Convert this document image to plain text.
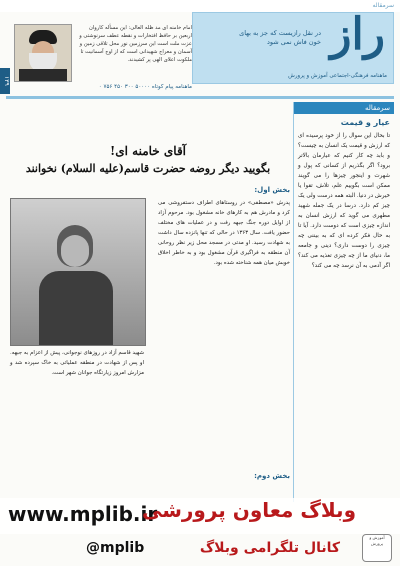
سرمقاله
راز
در نقل رازیست که جز به بهای خون فاش نمی شود
ماهنامه فرهنگی-اجتماعی آموزش و پرورش
امام خامنه ای مد ظله العالی: این مسأله کاروان اربعین بر حافظ افتخارات و نقطه عطف سرنوشتی و عزت ملت است این سرزمین نور محل تلاقی زمین و آسمان و معراج شهیدانی است که از اوج آسمانیت تا ملکوت اعلای الهی پر کشیدند.
ماهنامه پیام کوتاه ۵۰۰۰۰ ۳۰۰ ۴۵۰ ۷۵۶ ۰
۱۳۹
سرمقاله
عیار و قیمت
تا بحال این سوال را از خود پرسیده ای که ارزش و قیمت یک انسان به چیست؟ و بابد چه کار کنیم که عیارمان بالاتر برود؟ اگر بگذریم از کسانی که پول و شهرت و اینجور چیزها را می گویند ممکن است بگوییم علم، تلاش، تقوا یا خیرش در دنیا. البته همه درست ولی یک چیز کم دارد. درسا در یک جمله شهید مطهری می گوید که ارزش انسان به اندازه چیزی است که دوست دارد. آیا تا به حال فکر کرده ای که به بیننی چه چیزی را دوست داری؟ دینی و جامعه ما، دنیای ما از چه چیزی تغذیه می کند؟ اگر آدمی به آن نرسد چه می کند؟
آقای خامنه ای!
بگویید دیگر روضه حضرت قاسم(علیه السلام) نخوانند
بخش اول:
پدرش «مصطفی» در روستاهای اطراف دستفروشی می کرد و مادرش هم به کارهای خانه مشغول بود. مرحوم آزاد از اوایل دوره جنگ جبهه رفت و در عملیات های مختلف حضور یافت. سال ۱۳۶۳ در حالی که تنها پانزده سال داشت به شهادت رسید. او مدتی در مسجد محل زیر نظر روحانی آن منطقه به فراگیری قرآن مشغول بود و به خاطر اخلاق خوبش میان همه شناخته شده بود.
شهید قاسم آزاد در روزهای نوجوانی، پیش از اعزام به جبهه. او پس از شهادت در منطقه عملیاتی به خاک سپرده شد و مزارش امروز زیارتگاه جوانان شهر است.
بخش دوم:
www.mplib.ir
وبلاگ معاون پرورشی
کانال تلگرامی وبلاگ
@mplib
آموزش و پرورش
